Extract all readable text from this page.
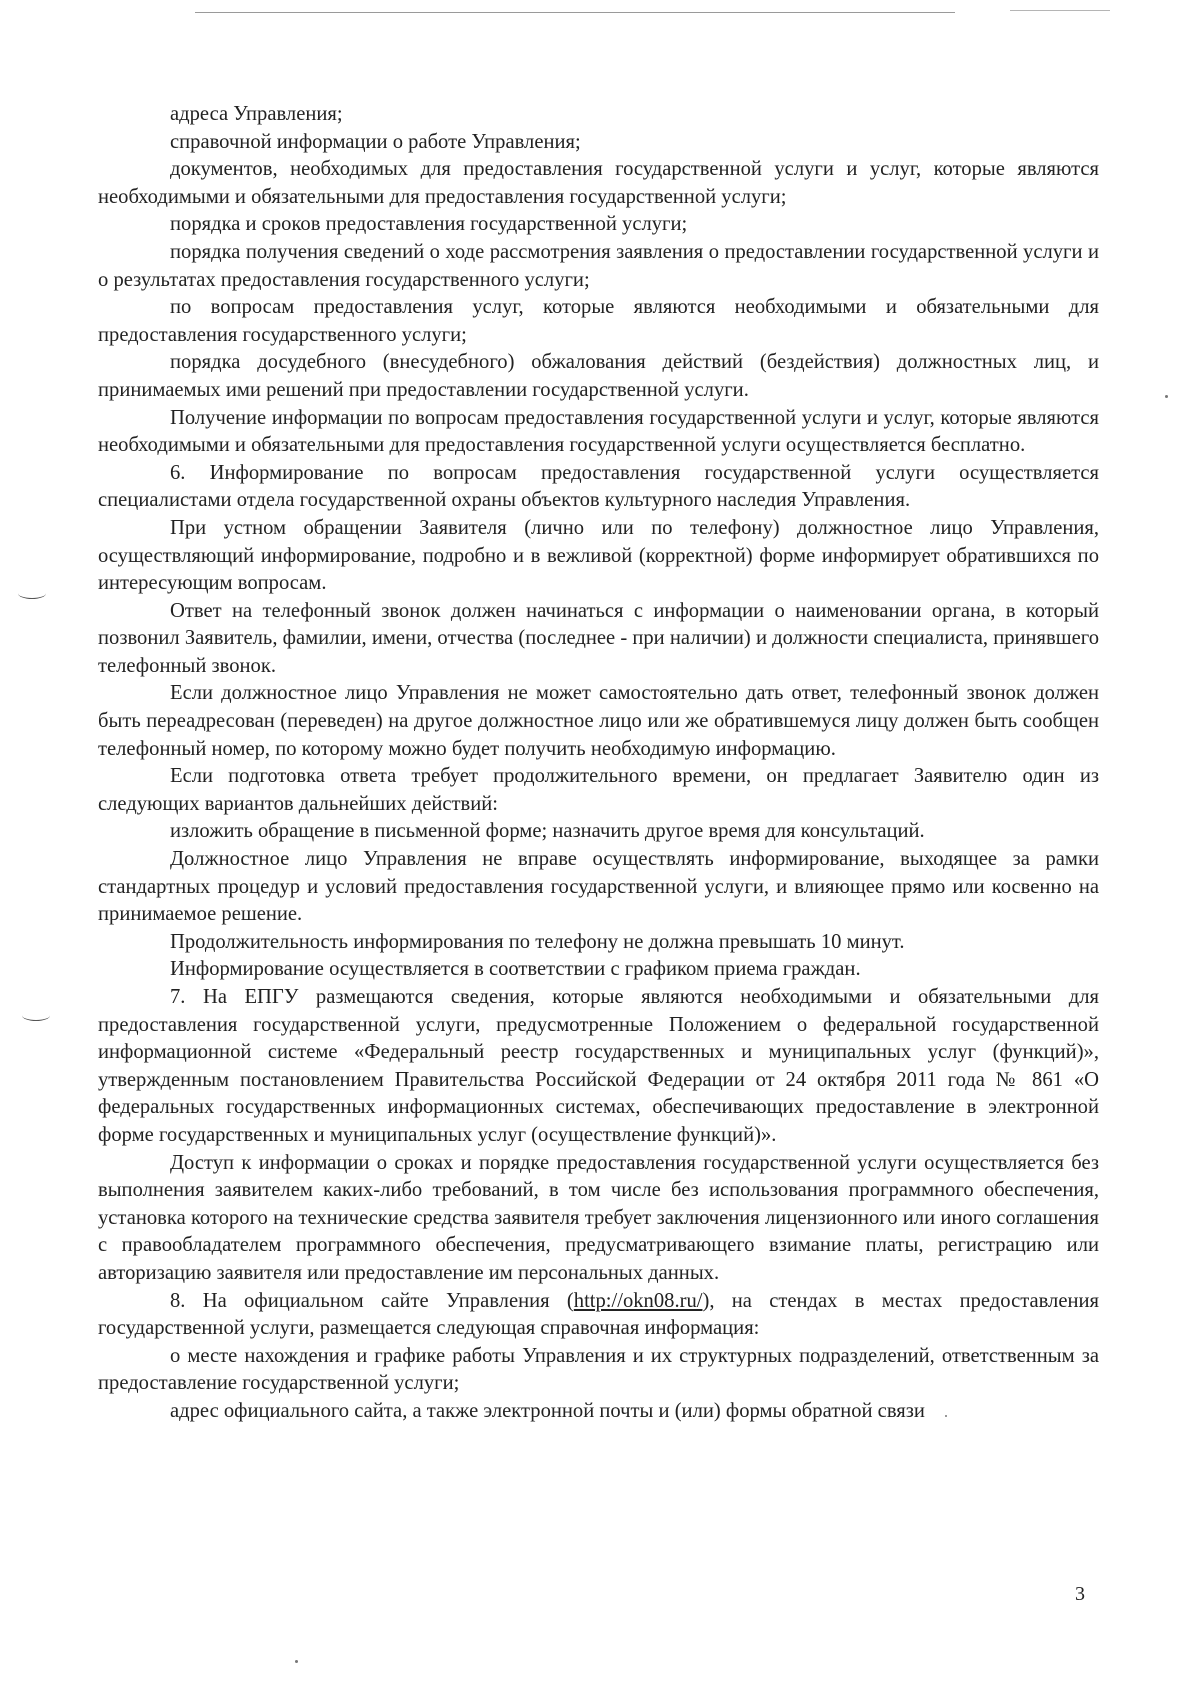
адреса Управления;

справочной информации о работе Управления;

документов, необходимых для предоставления государственной услуги и услуг, которые являются необходимыми и обязательными для предоставления государственной услуги;

порядка и сроков предоставления государственной услуги;

порядка получения сведений о ходе рассмотрения заявления о предоставлении государственной услуги и о результатах предоставления государственного услуги;

по вопросам предоставления услуг, которые являются необходимыми и обязательными для предоставления государственного услуги;

порядка досудебного (внесудебного) обжалования действий (бездействия) должностных лиц, и принимаемых ими решений при предоставлении государственной услуги.

Получение информации по вопросам предоставления государственной услуги и услуг, которые являются необходимыми и обязательными для предоставления государственной услуги осуществляется бесплатно.

6. Информирование по вопросам предоставления государственной услуги осуществляется специалистами отдела государственной охраны объектов культурного наследия Управления.

При устном обращении Заявителя (лично или по телефону) должностное лицо Управления, осуществляющий информирование, подробно и в вежливой (корректной) форме информирует обратившихся по интересующим вопросам.

Ответ на телефонный звонок должен начинаться с информации о наименовании органа, в который позвонил Заявитель, фамилии, имени, отчества (последнее - при наличии) и должности специалиста, принявшего телефонный звонок.

Если должностное лицо Управления не может самостоятельно дать ответ, телефонный звонок должен быть переадресован (переведен) на другое должностное лицо или же обратившемуся лицу должен быть сообщен телефонный номер, по которому можно будет получить необходимую информацию.

Если подготовка ответа требует продолжительного времени, он предлагает Заявителю один из следующих вариантов дальнейших действий:

изложить обращение в письменной форме; назначить другое время для консультаций.

Должностное лицо Управления не вправе осуществлять информирование, выходящее за рамки стандартных процедур и условий предоставления государственной услуги, и влияющее прямо или косвенно на принимаемое решение.

Продолжительность информирования по телефону не должна превышать 10 минут.

Информирование осуществляется в соответствии с графиком приема граждан.

7. На ЕПГУ размещаются сведения, которые являются необходимыми и обязательными для предоставления государственной услуги, предусмотренные Положением о федеральной государственной информационной системе «Федеральный реестр государственных и муниципальных услуг (функций)», утвержденным постановлением Правительства Российской Федерации от 24 октября 2011 года № 861 «О федеральных государственных информационных системах, обеспечивающих предоставление в электронной форме государственных и муниципальных услуг (осуществление функций)».

Доступ к информации о сроках и порядке предоставления государственной услуги осуществляется без выполнения заявителем каких-либо требований, в том числе без использования программного обеспечения, установка которого на технические средства заявителя требует заключения лицензионного или иного соглашения с правообладателем программного обеспечения, предусматривающего взимание платы, регистрацию или авторизацию заявителя или предоставление им персональных данных.

8. На официальном сайте Управления (http://okn08.ru/), на стендах в местах предоставления государственной услуги, размещается следующая справочная информация:

о месте нахождения и графике работы Управления и их структурных подразделений, ответственным за предоставление государственной услуги;

адрес официального сайта, а также электронной почты и (или) формы обратной связи

3
